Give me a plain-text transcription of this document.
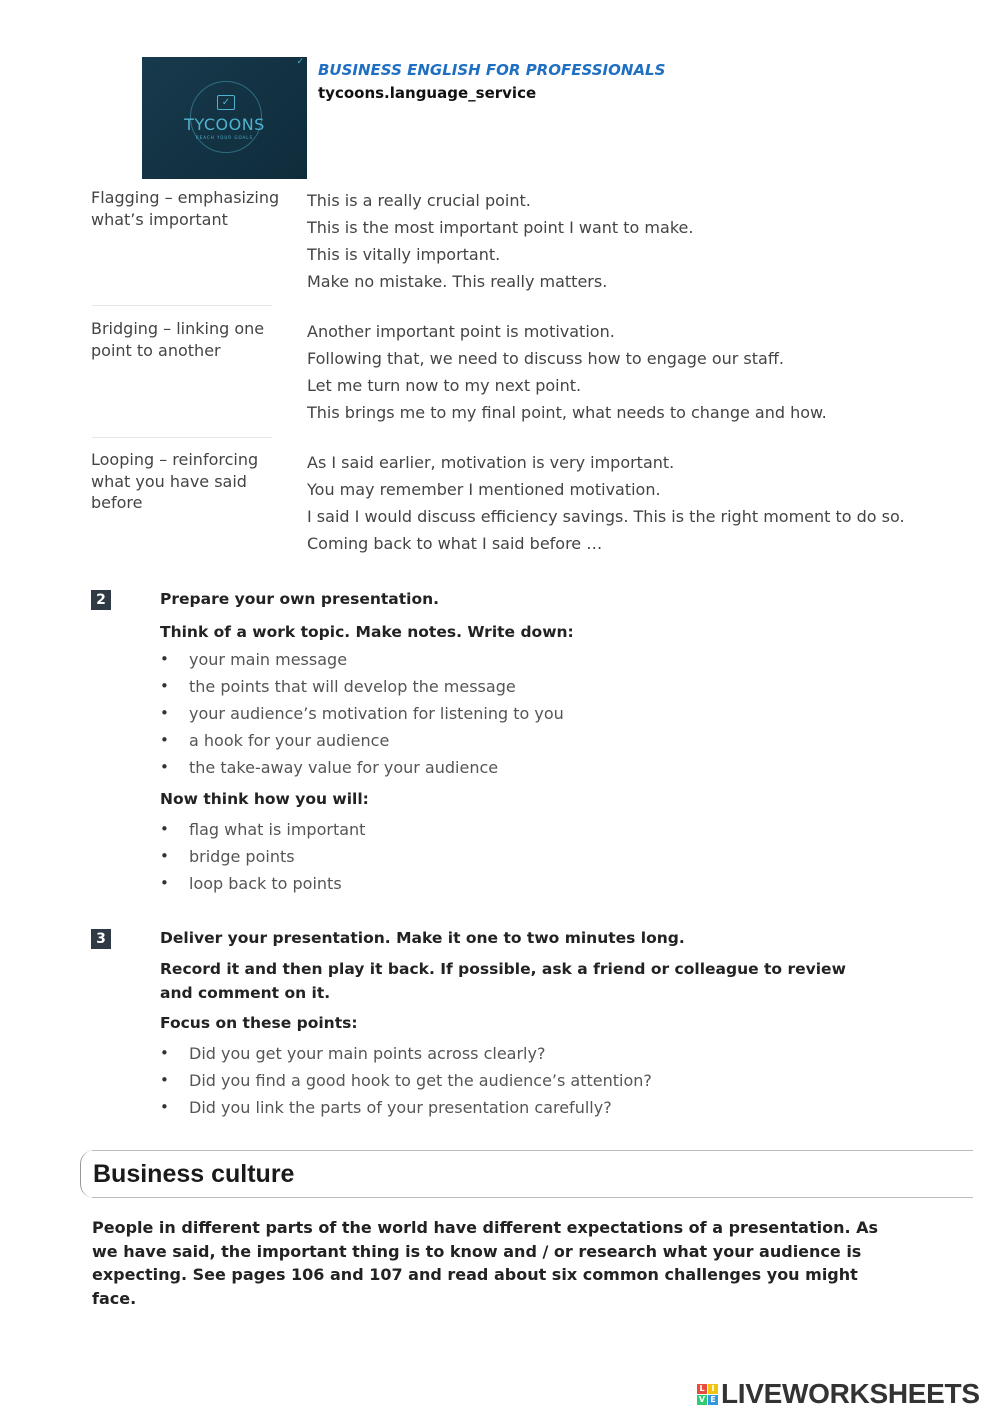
✓
✓
TYCOONS
REACH YOUR GOALS
BUSINESS ENGLISH FOR PROFESSIONALS
tycoons.language_service
Flagging – emphasizing what’s important
This is a really crucial point.
This is the most important point I want to make.
This is vitally important.
Make no mistake. This really matters.
Bridging – linking one point to another
Another important point is motivation.
Following that, we need to discuss how to engage our staff.
Let me turn now to my next point.
This brings me to my final point, what needs to change and how.
Looping – reinforcing what you have said before
As I said earlier, motivation is very important.
You may remember I mentioned motivation.
I said I would discuss efficiency savings. This is the right moment to do so.
Coming back to what I said before …
2	Prepare your own presentation.
Think of a work topic. Make notes. Write down:
• your main message
• the points that will develop the message
• your audience’s motivation for listening to you
• a hook for your audience
• the take-away value for your audience
Now think how you will:
• flag what is important
• bridge points
• loop back to points
3	Deliver your presentation. Make it one to two minutes long.
Record it and then play it back. If possible, ask a friend or colleague to review and comment on it.
Focus on these points:
• Did you get your main points across clearly?
• Did you find a good hook to get the audience’s attention?
• Did you link the parts of your presentation carefully?
Business culture
People in different parts of the world have different expectations of a presentation. As we have said, the important thing is to know and / or research what your audience is expecting. See pages 106 and 107 and read about six common challenges you might face.
L I
V E LIVEWORKSHEETS
